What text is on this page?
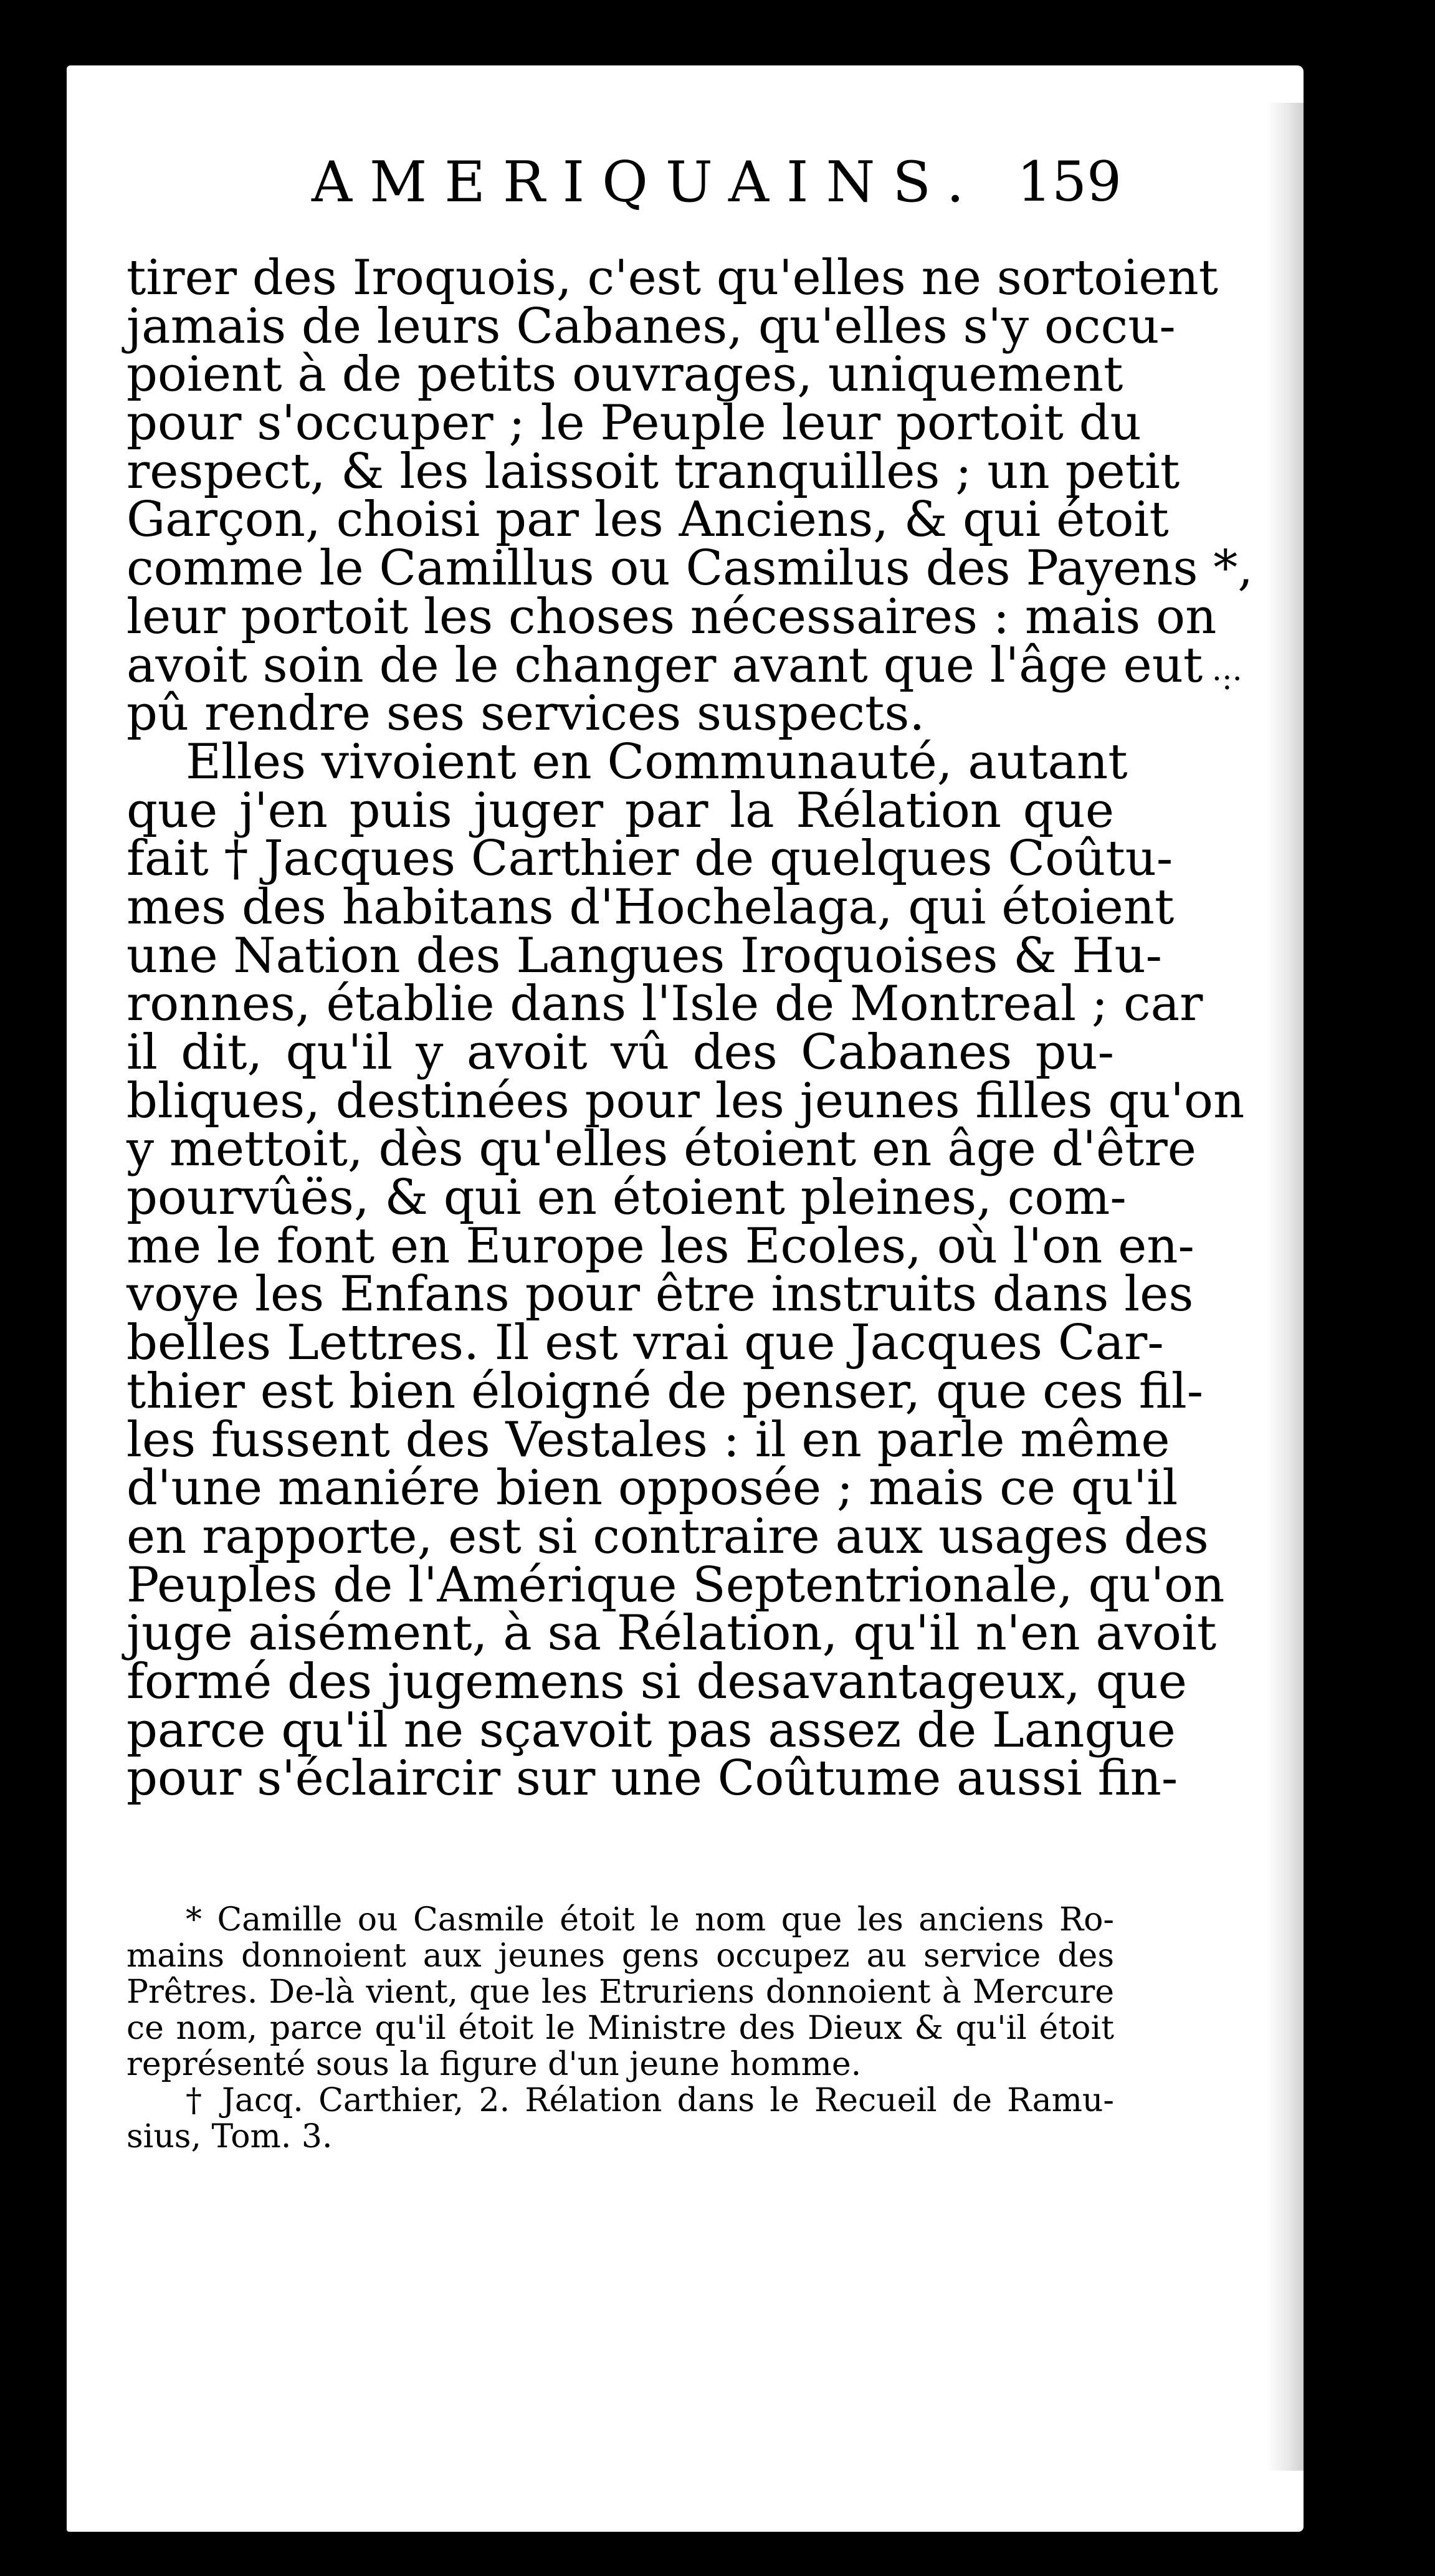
AMERIQUAINS. 159
tirer des Iroquois, c'est qu'elles ne sortoient
jamais de leurs Cabanes, qu'elles s'y occu-
poient à de petits ouvrages, uniquement
pour s'occuper ; le Peuple leur portoit du
respect, & les laissoit tranquilles ; un petit
Garçon, choisi par les Anciens, & qui étoit
comme le Camillus ou Casmilus des Payens *,
leur portoit les choses nécessaires : mais on
avoit soin de le changer avant que l'âge eut
pû rendre ses services suspects.
Elles vivoient en Communauté, autant
que j'en puis juger par la Rélation que
fait † Jacques Carthier de quelques Coûtu-
mes des habitans d'Hochelaga, qui étoient
une Nation des Langues Iroquoises & Hu-
ronnes, établie dans l'Isle de Montreal ; car
il dit, qu'il y avoit vû des Cabanes pu-
bliques, destinées pour les jeunes filles qu'on
y mettoit, dès qu'elles étoient en âge d'être
pourvûës, & qui en étoient pleines, com-
me le font en Europe les Ecoles, où l'on en-
voye les Enfans pour être instruits dans les
belles Lettres. Il est vrai que Jacques Car-
thier est bien éloigné de penser, que ces fil-
les fussent des Vestales : il en parle même
d'une maniére bien opposée ; mais ce qu'il
en rapporte, est si contraire aux usages des
Peuples de l'Amérique Septentrionale, qu'on
juge aisément, à sa Rélation, qu'il n'en avoit
formé des jugemens si desavantageux, que
parce qu'il ne sçavoit pas assez de Langue
pour s'éclaircir sur une Coûtume aussi fin-
* Camille ou Casmile étoit le nom que les anciens Ro-
mains donnoient aux jeunes gens occupez au service des
Prêtres. De-là vient, que les Etruriens donnoient à Mercure
ce nom, parce qu'il étoit le Ministre des Dieux & qu'il étoit
représenté sous la figure d'un jeune homme.
† Jacq. Carthier, 2. Rélation dans le Recueil de Ramu-
sius, Tom. 3.
·:·
